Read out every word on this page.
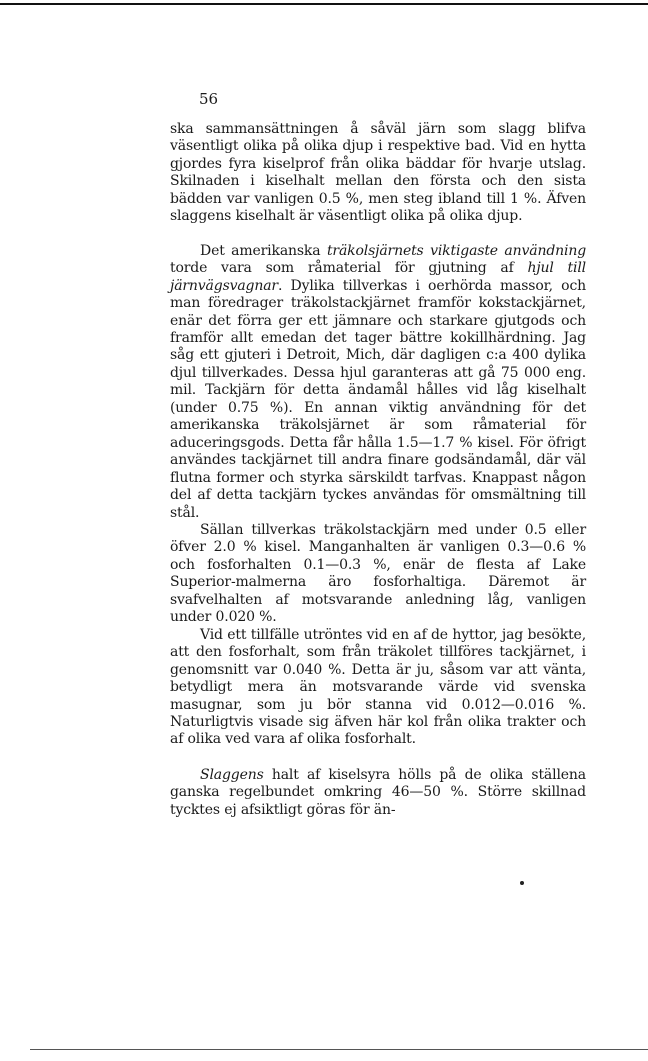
56

ska sammansättningen å såväl järn som slagg blifva väsentligt olika på olika djup i respektive bad. Vid en hytta gjordes fyra kiselprof från olika bäddar för hvarje utslag. Skilnaden i kiselhalt mellan den första och den sista bädden var vanligen 0.5 %, men steg ibland till 1 %. Äfven slaggens kiselhalt är väsentligt olika på olika djup.

Det amerikanska träkolsjärnets viktigaste användning torde vara som råmaterial för gjutning af hjul till järnvägsvagnar. Dylika tillverkas i oerhörda massor, och man föredrager träkolstackjärnet framför kokstackjärnet, enär det förra ger ett jämnare och starkare gjutgods och framför allt emedan det tager bättre kokillhärdning. Jag såg ett gjuteri i Detroit, Mich, där dagligen c:a 400 dylika djul tillverkades. Dessa hjul garanteras att gå 75 000 eng. mil. Tackjärn för detta ändamål hålles vid låg kiselhalt (under 0.75 %). En annan viktig användning för det amerikanska träkolsjärnet är som råmaterial för aduceringsgods. Detta får hålla 1.5—1.7 % kisel. För öfrigt användes tackjärnet till andra finare godsändamål, där väl flutna former och styrka särskildt tarfvas. Knappast någon del af detta tackjärn tyckes användas för omsmältning till stål.

Sällan tillverkas träkolstackjärn med under 0.5 eller öfver 2.0 % kisel. Manganhalten är vanligen 0.3—0.6 % och fosforhalten 0.1—0.3 %, enär de flesta af Lake Superior-malmerna äro fosforhaltiga. Däremot är svafvelhalten af motsvarande anledning låg, vanligen under 0.020 %.

Vid ett tillfälle utröntes vid en af de hyttor, jag besökte, att den fosforhalt, som från träkolet tillföres tackjärnet, i genomsnitt var 0.040 %. Detta är ju, såsom var att vänta, betydligt mera än motsvarande värde vid svenska masugnar, som ju bör stanna vid 0.012—0.016 %. Naturligtvis visade sig äfven här kol från olika trakter och af olika ved vara af olika fosforhalt.

Slaggens halt af kiselsyra hölls på de olika ställena ganska regelbundet omkring 46—50 %. Större skillnad tycktes ej afsiktligt göras för än-
